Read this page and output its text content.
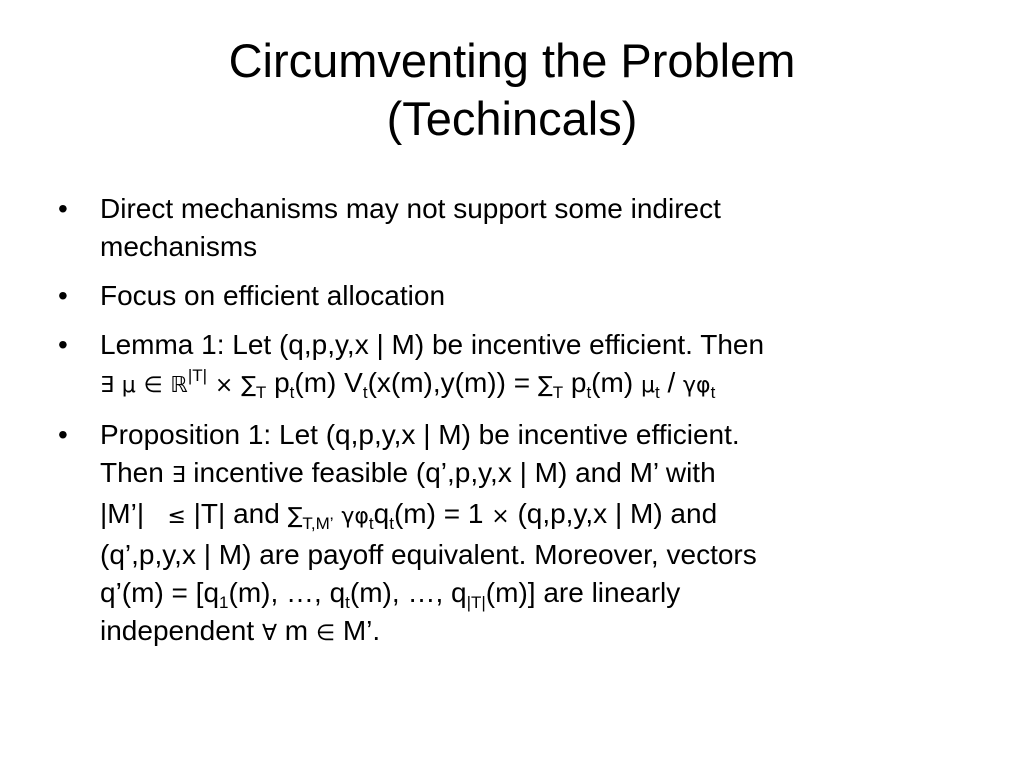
Circumventing the Problem
(Techincals)
• Direct mechanisms may not support some indirect
mechanisms
• Focus on efficient allocation
• Lemma 1: Let (q,p,y,x | M) be incentive efficient. Then
∃ μ ∈ ℝ$^{|T|}$ × $\sum_T$ $p_t(m) V_t(x(m),y(m)) = \sum_T$ $p_t(m)$ $\mu_t / \gamma\varphi_t$
• Proposition 1: Let (q,p,y,x | M) be incentive efficient.
Then ∃ incentive feasible (q’,p,y,x | M) and M’ with
|M’| ≤ |T| and $\sum_{T,M’}$ $\gamma\varphi_tq_t(m) = 1 \times (q,p,y,x$ | M) and
(q’,p,y,x | M) are payoff equivalent. Moreover, vectors
q’(m) = [$q_1(m)$, …, $q_t(m)$, …, $q_{|T|}(m)$] are linearly
independent ∀ m ∈ M’.
